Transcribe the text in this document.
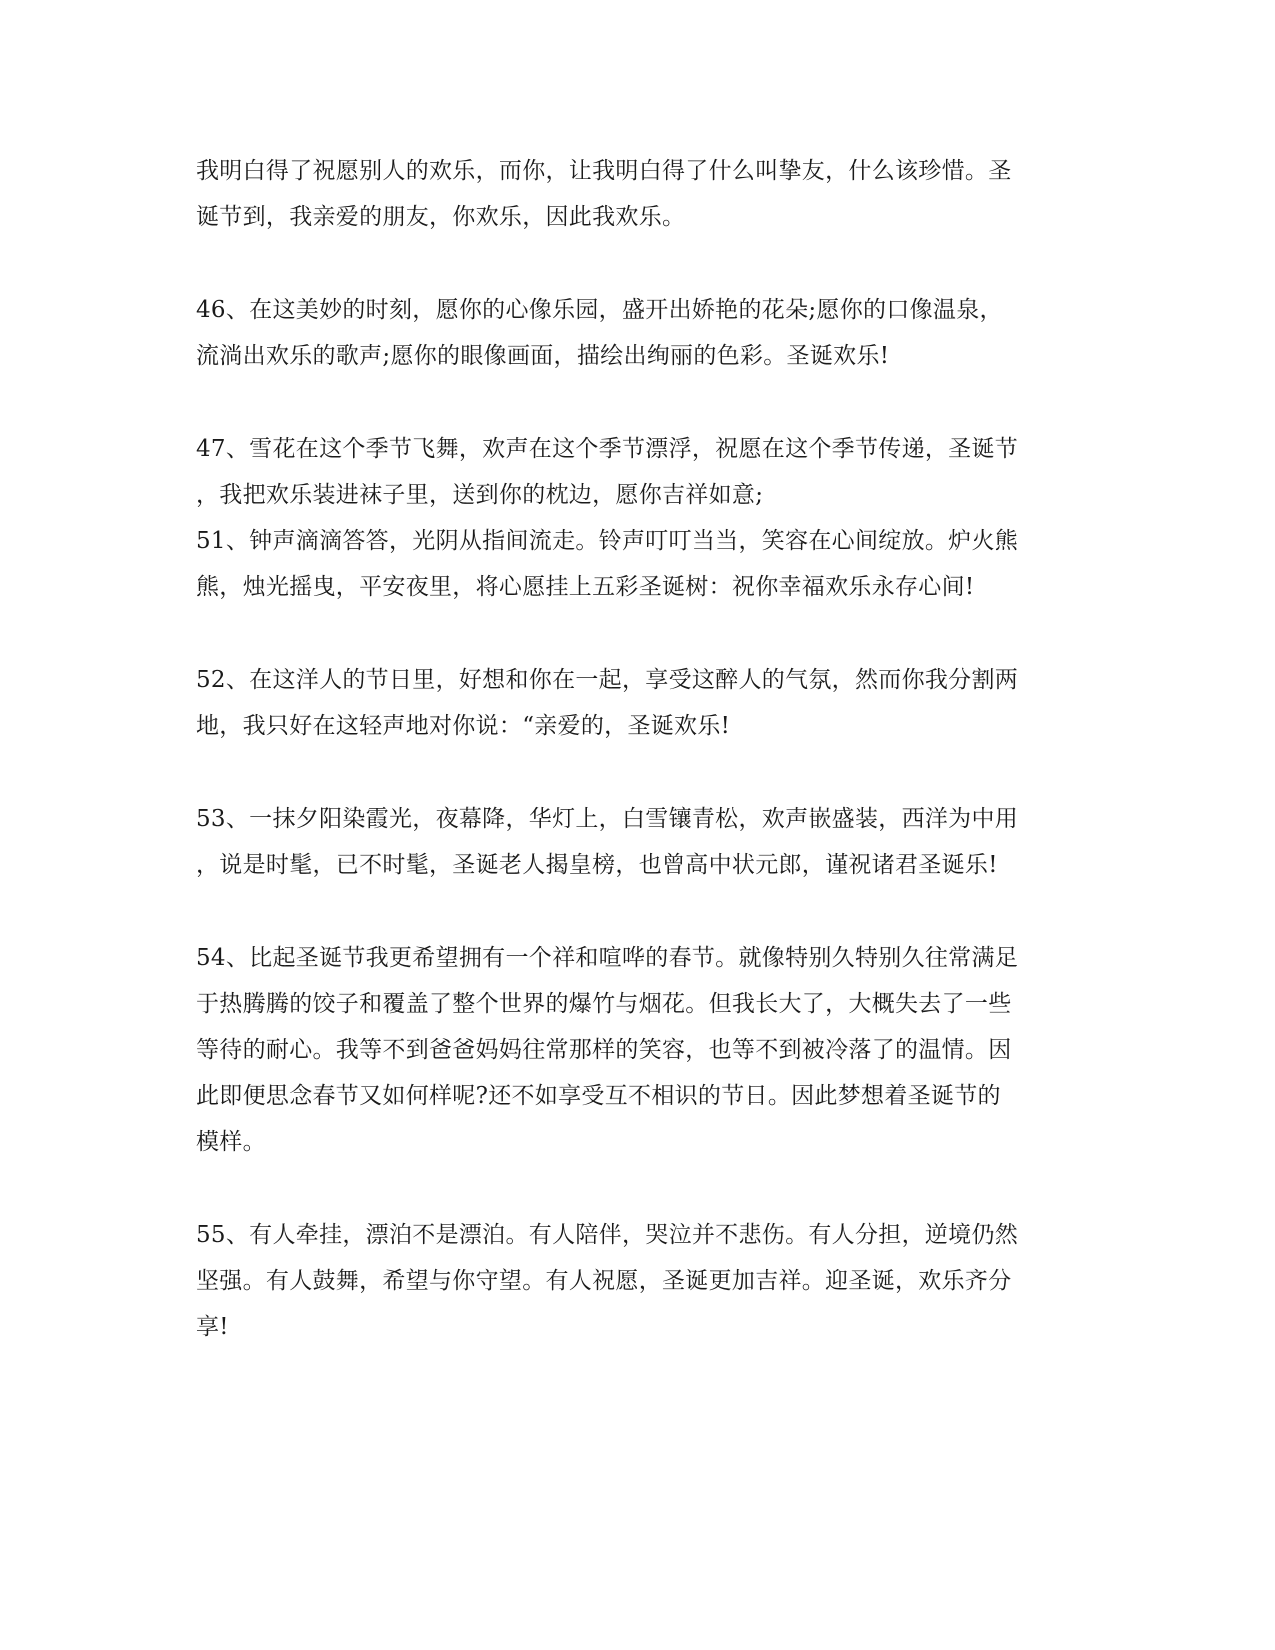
我明白得了祝愿别人的欢乐，而你，让我明白得了什么叫挚友，什么该珍惜。圣
诞节到，我亲爱的朋友，你欢乐，因此我欢乐。
46、在这美妙的时刻，愿你的心像乐园，盛开出娇艳的花朵;愿你的口像温泉，
流淌出欢乐的歌声;愿你的眼像画面，描绘出绚丽的色彩。圣诞欢乐!
47、雪花在这个季节飞舞，欢声在这个季节漂浮，祝愿在这个季节传递，圣诞节
，我把欢乐装进袜子里，送到你的枕边，愿你吉祥如意;
51、钟声滴滴答答，光阴从指间流走。铃声叮叮当当，笑容在心间绽放。炉火熊
熊，烛光摇曳，平安夜里，将心愿挂上五彩圣诞树：祝你幸福欢乐永存心间!
52、在这洋人的节日里，好想和你在一起，享受这醉人的气氛，然而你我分割两
地，我只好在这轻声地对你说：“亲爱的，圣诞欢乐!
53、一抹夕阳染霞光，夜幕降，华灯上，白雪镶青松，欢声嵌盛装，西洋为中用
，说是时髦，已不时髦，圣诞老人揭皇榜，也曾高中状元郎，谨祝诸君圣诞乐!
54、比起圣诞节我更希望拥有一个祥和喧哗的春节。就像特别久特别久往常满足
于热腾腾的饺子和覆盖了整个世界的爆竹与烟花。但我长大了，大概失去了一些
等待的耐心。我等不到爸爸妈妈往常那样的笑容，也等不到被冷落了的温情。因
此即便思念春节又如何样呢?还不如享受互不相识的节日。因此梦想着圣诞节的
模样。
55、有人牵挂，漂泊不是漂泊。有人陪伴，哭泣并不悲伤。有人分担，逆境仍然
坚强。有人鼓舞，希望与你守望。有人祝愿，圣诞更加吉祥。迎圣诞，欢乐齐分
享!
